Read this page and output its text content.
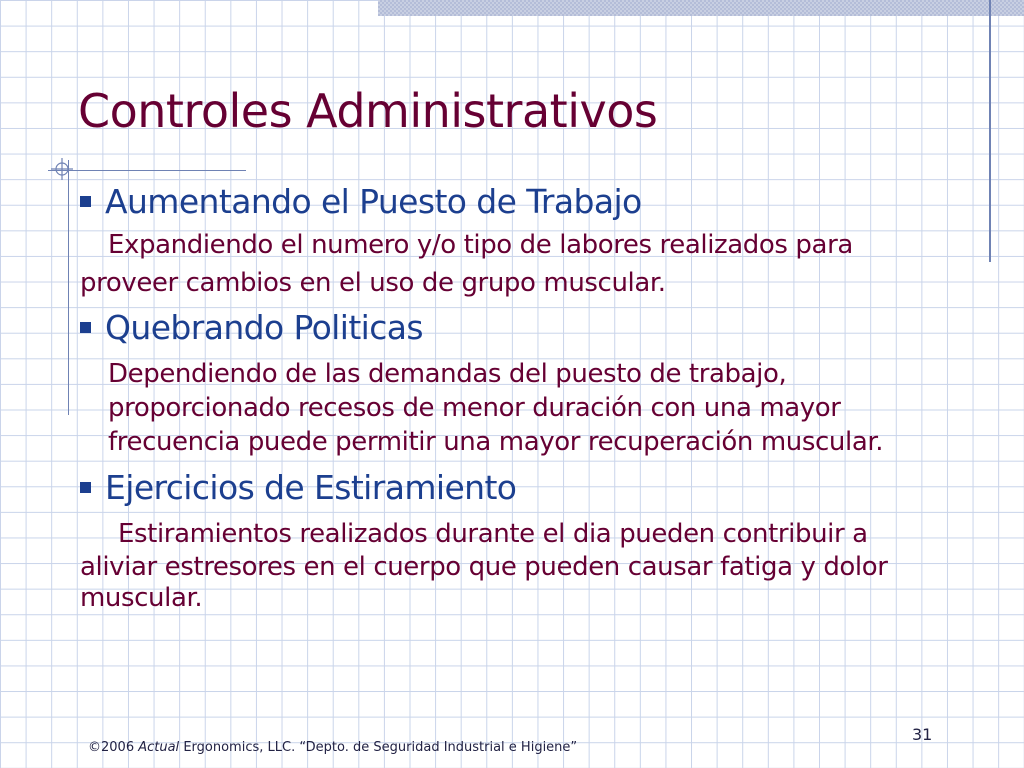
Controles Administrativos
Aumentando el Puesto de Trabajo

Expandiendo el numero y/o tipo de labores realizados para

proveer cambios en el uso de grupo muscular.

Quebrando Politicas

Dependiendo de las demandas del puesto de trabajo,

proporcionado recesos de menor duración con una mayor

frecuencia puede permitir una mayor recuperación muscular.

Ejercicios de Estiramiento

Estiramientos realizados durante el dia pueden contribuir a

aliviar estresores en el cuerpo que pueden causar fatiga y dolor

muscular.

©2006 Actual Ergonomics, LLC. “Depto. de Seguridad Industrial e Higiene”
31
